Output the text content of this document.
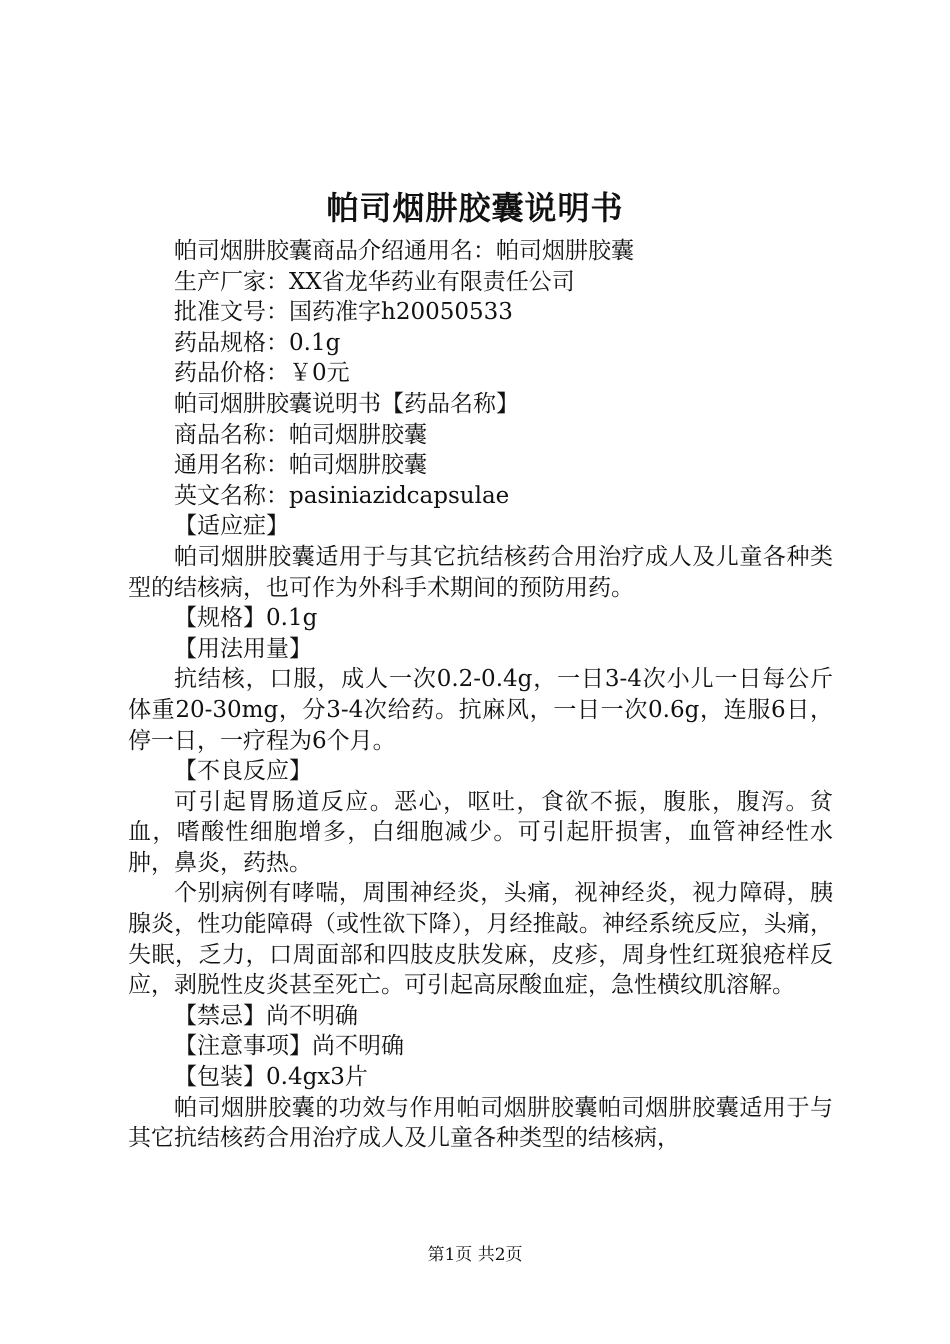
帕司烟肼胶囊说明书

帕司烟肼胶囊商品介绍通用名：帕司烟肼胶囊

生产厂家：XX省龙华药业有限责任公司

批准文号：国药准字h20050533

药品规格：0.1g

药品价格：￥0元

帕司烟肼胶囊说明书【药品名称】

商品名称：帕司烟肼胶囊

通用名称：帕司烟肼胶囊

英文名称：pasiniazidcapsulae

【适应症】

帕司烟肼胶囊适用于与其它抗结核药合用治疗成人及儿童各种类型的结核病，也可作为外科手术期间的预防用药。

【规格】0.1g

【用法用量】

抗结核，口服，成人一次0.2-0.4g，一日3-4次小儿一日每公斤体重20-30mg，分3-4次给药。抗麻风，一日一次0.6g，连服6日，停一日，一疗程为6个月。

【不良反应】

可引起胃肠道反应。恶心，呕吐，食欲不振，腹胀，腹泻。贫血，嗜酸性细胞增多，白细胞减少。可引起肝损害，血管神经性水肿，鼻炎，药热。

个别病例有哮喘，周围神经炎，头痛，视神经炎，视力障碍，胰腺炎，性功能障碍（或性欲下降），月经推敲。神经系统反应，头痛，失眠，乏力，口周面部和四肢皮肤发麻，皮疹，周身性红斑狼疮样反应，剥脱性皮炎甚至死亡。可引起高尿酸血症，急性横纹肌溶解。

【禁忌】尚不明确

【注意事项】尚不明确

【包装】0.4gx3片

帕司烟肼胶囊的功效与作用帕司烟肼胶囊帕司烟肼胶囊适用于与其它抗结核药合用治疗成人及儿童各种类型的结核病，

第1页 共2页
